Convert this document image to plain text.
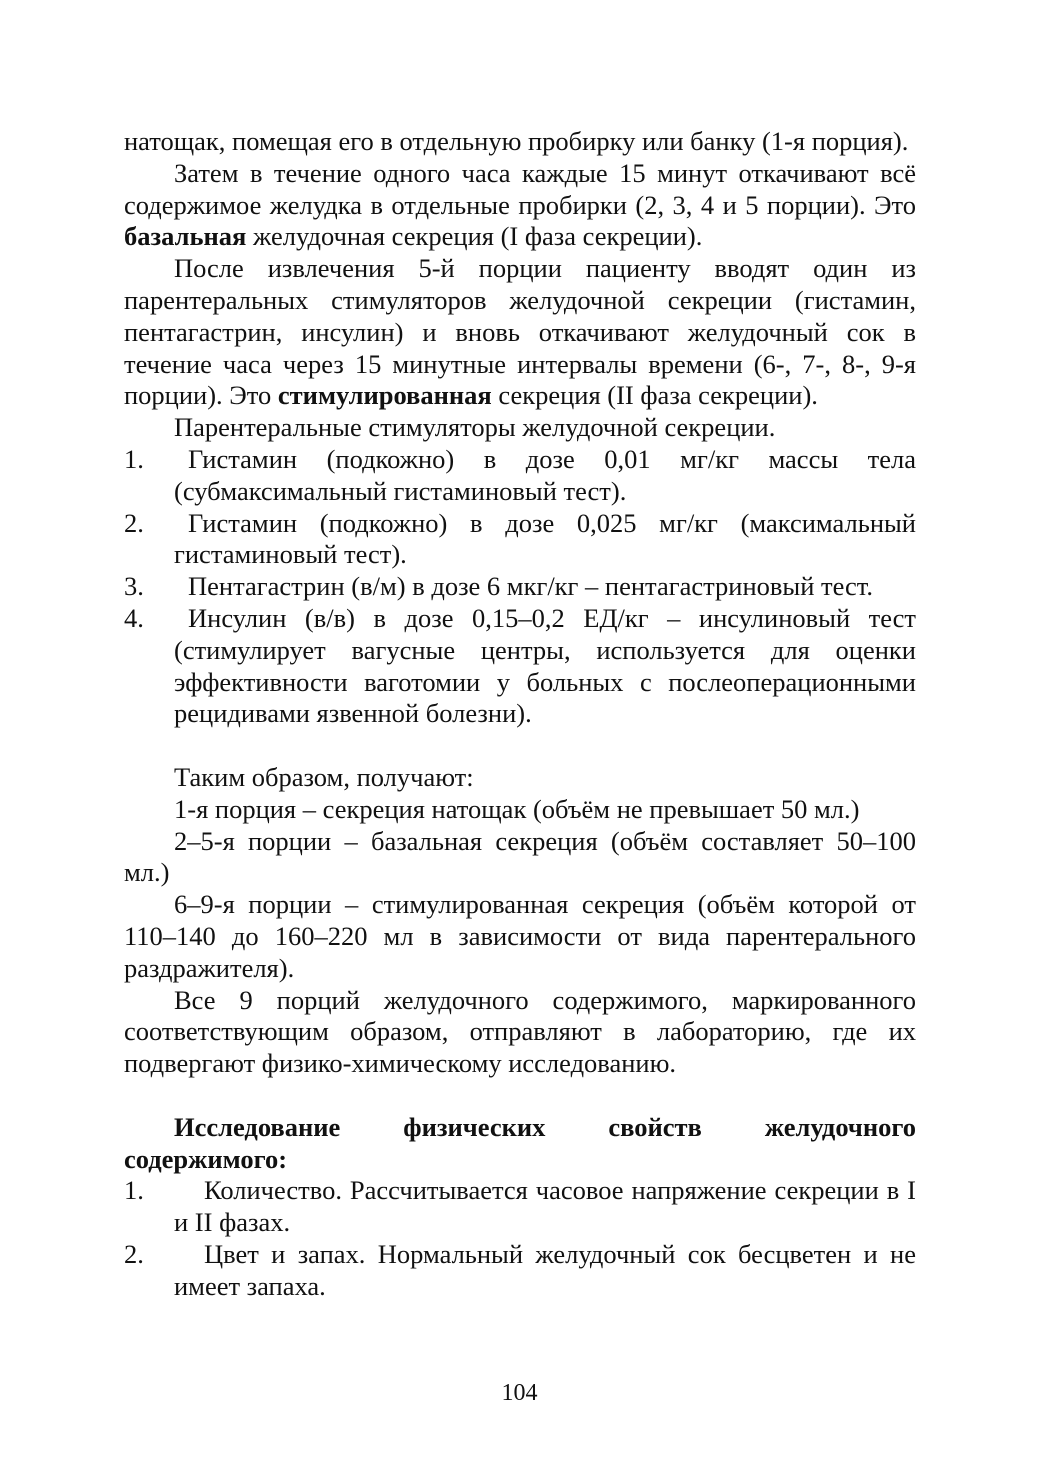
натощак, помещая его в отдельную пробирку или банку (1-я порция).

Затем в течение одного часа каждые 15 минут откачивают всё содержимое желудка в отдельные пробирки (2, 3, 4 и 5 порции). Это базальная желудочная секреция (I фаза секреции).

После извлечения 5-й порции пациенту вводят один из парентеральных стимуляторов желудочной секреции (гистамин, пентагастрин, инсулин) и вновь откачивают желудочный сок в течение часа через 15 минутные интервалы времени (6-, 7-, 8-, 9-я порции). Это стимулированная секреция (II фаза секреции).

Парентеральные стимуляторы желудочной секреции.

1.	Гистамин (подкожно) в дозе 0,01 мг/кг массы тела (субмаксимальный гистаминовый тест).
2.	Гистамин (подкожно) в дозе 0,025 мг/кг (максимальный гистаминовый тест).
3.	Пентагастрин (в/м) в дозе 6 мкг/кг – пентагастриновый тест.
4.	Инсулин (в/в) в дозе 0,15–0,2 ЕД/кг – инсулиновый тест (стимулирует вагусные центры, используется для оценки эффективности ваготомии у больных с послеоперационными рецидивами язвенной болезни).

Таким образом, получают:

1-я порция – секреция натощак (объём не превышает 50 мл.)

2–5-я порции – базальная секреция (объём составляет 50–100 мл.)

6–9-я порции – стимулированная секреция (объём которой от 110–140 до 160–220 мл в зависимости от вида парентерального раздражителя).

Все 9 порций желудочного содержимого, маркированного соответствующим образом, отправляют в лабораторию, где их подвергают физико-химическому исследованию.

Исследование физических свойств желудочного содержимого:

1.	Количество. Рассчитывается часовое напряжение секреции в I и II фазах.
2.	Цвет и запах. Нормальный желудочный сок бесцветен и не имеет запаха.
104
